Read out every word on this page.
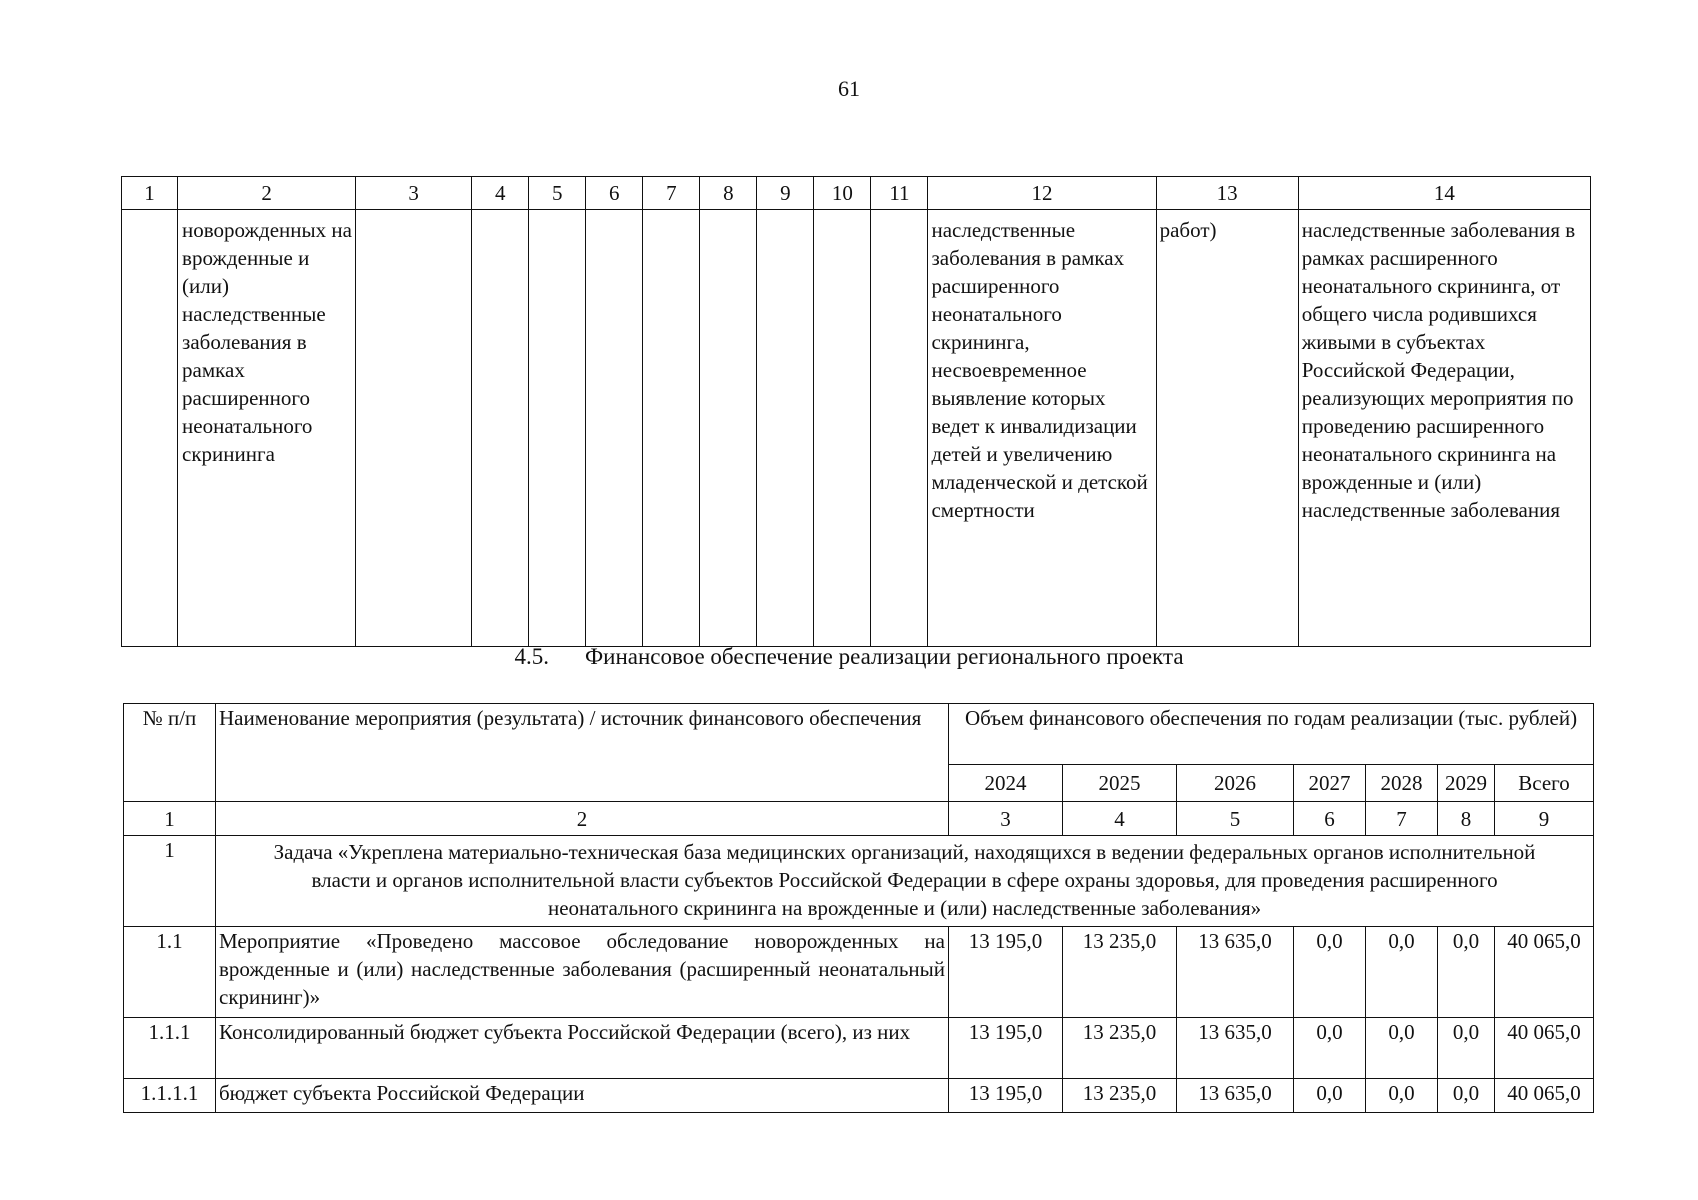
61
1	2	3	4	5	6	7	8	9	10	11	12	13	14
	новорожденных на врожденные и (или) наследственные заболевания в рамках расширенного неонатального скрининга										наследственные заболевания в рамках расширенного неонатального скрининга, несвоевременное выявление которых ведет к инвалидизации детей и увеличению младенческой и детской смертности	работ)	наследственные заболевания в рамках расширенного неонатального скрининга, от общего числа родившихся живыми в субъектах Российской Федерации, реализующих мероприятия по проведению расширенного неонатального скрининга на врожденные и (или) наследственные заболевания
4.5. Финансовое обеспечение реализации регионального проекта
№ п/п	Наименование мероприятия (результата) / источник финансового обеспечения	Объем финансового обеспечения по годам реализации (тыс. рублей)						
		2024	2025	2026	2027	2028	2029	Всего
1	2	3	4	5	6	7	8	9
1	Задача «Укреплена материально-техническая база медицинских организаций, находящихся в ведении федеральных органов исполнительной власти и органов исполнительной власти субъектов Российской Федерации в сфере охраны здоровья, для проведения расширенного неонатального скрининга на врожденные и (или) наследственные заболевания»							
1.1	Мероприятие «Проведено массовое обследование новорожденных на врожденные и (или) наследственные заболевания (расширенный неонатальный скрининг)»	13 195,0	13 235,0	13 635,0	0,0	0,0	0,0	40 065,0
1.1.1	Консолидированный бюджет субъекта Российской Федерации (всего), из них	13 195,0	13 235,0	13 635,0	0,0	0,0	0,0	40 065,0
1.1.1.1	бюджет субъекта Российской Федерации	13 195,0	13 235,0	13 635,0	0,0	0,0	0,0	40 065,0
